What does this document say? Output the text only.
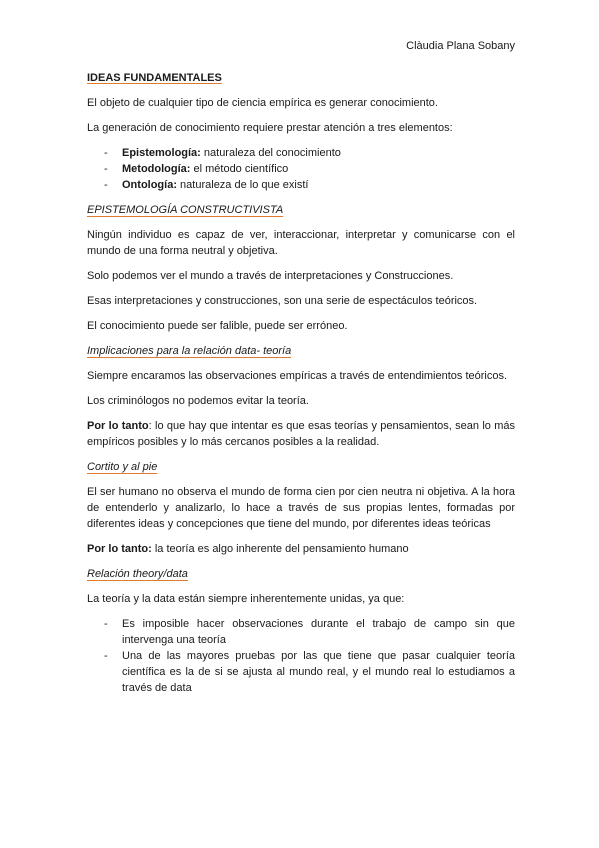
Clàudia Plana Sobany

IDEAS FUNDAMENTALES

El objeto de cualquier tipo de ciencia empírica es generar conocimiento.

La generación de conocimiento requiere prestar atención a tres elementos:

- Epistemología: naturaleza del conocimiento
- Metodología: el método científico
- Ontología: naturaleza de lo que existí

EPISTEMOLOGÍA CONSTRUCTIVISTA

Ningún individuo es capaz de ver, interaccionar, interpretar y comunicarse con el mundo de una forma neutral y objetiva.

Solo podemos ver el mundo a través de interpretaciones y Construcciones.

Esas interpretaciones y construcciones, son una serie de espectáculos teóricos.

El conocimiento puede ser falible, puede ser erróneo.

Implicaciones para la relación data- teoría

Siempre encaramos las observaciones empíricas a través de entendimientos teóricos.

Los criminólogos no podemos evitar la teoría.

Por lo tanto: lo que hay que intentar es que esas teorías y pensamientos, sean lo más empíricos posibles y lo más cercanos posibles a la realidad.

Cortito y al pie

El ser humano no observa el mundo de forma cien por cien neutra ni objetiva. A la hora de entenderlo y analizarlo, lo hace a través de sus propias lentes, formadas por diferentes ideas y concepciones que tiene del mundo, por diferentes ideas teóricas

Por lo tanto: la teoría es algo inherente del pensamiento humano

Relación theory/data

La teoría y la data están siempre inherentemente unidas, ya que:

- Es imposible hacer observaciones durante el trabajo de campo sin que intervenga una teoría
- Una de las mayores pruebas por las que tiene que pasar cualquier teoría científica es la de si se ajusta al mundo real, y el mundo real lo estudiamos a través de data
